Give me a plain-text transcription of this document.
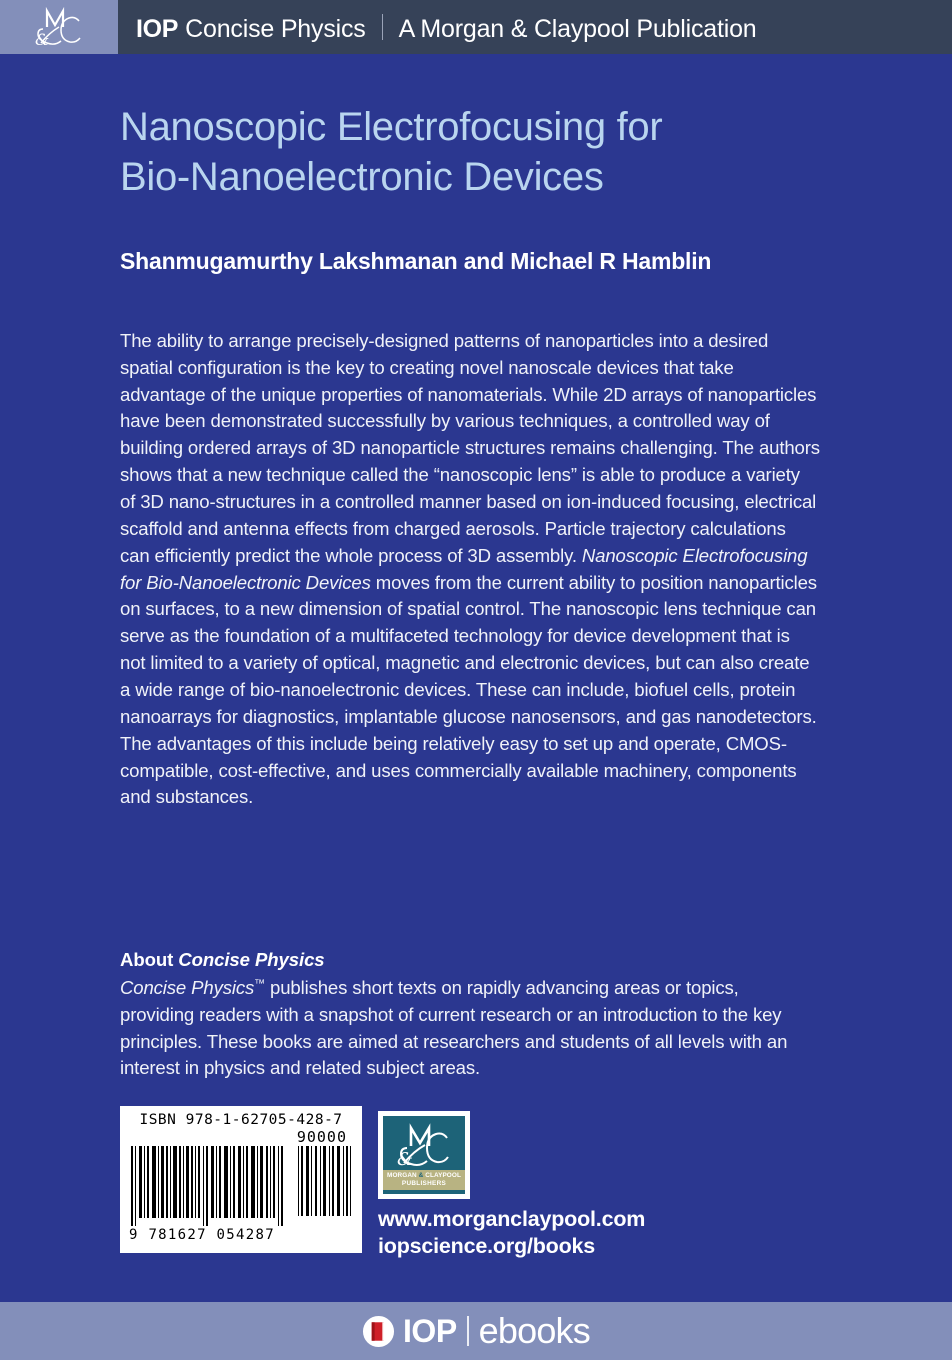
&	IOP Concise Physics A Morgan & Claypool Publication
Nanoscopic Electrofocusing for
Bio-Nanoelectronic Devices
Shanmugamurthy Lakshmanan and Michael R Hamblin
The ability to arrange precisely-designed patterns of nanoparticles into a desired spatial configuration is the key to creating novel nanoscale devices that take advantage of the unique properties of nanomaterials. While 2D arrays of nanoparticles have been demonstrated successfully by various techniques, a controlled way of building ordered arrays of 3D nanoparticle structures remains challenging. The authors shows that a new technique called the “nanoscopic lens” is able to produce a variety of 3D nano-structures in a controlled manner based on ion-induced focusing, electrical scaffold and antenna effects from charged aerosols. Particle trajectory calculations can efficiently predict the whole process of 3D assembly. Nanoscopic Electrofocusing for Bio-Nanoelectronic Devices moves from the current ability to position nanoparticles on surfaces, to a new dimension of spatial control. The nanoscopic lens technique can serve as the foundation of a multifaceted technology for device development that is not limited to a variety of optical, magnetic and electronic devices, but can also create a wide range of bio-nanoelectronic devices. These can include, biofuel cells, protein nanoarrays for diagnostics, implantable glucose nanosensors, and gas nanodetectors. The advantages of this include being relatively easy to set up and operate, CMOS-compatible, cost-effective, and uses commercially available machinery, components and substances.
About Concise Physics
Concise Physics™ publishes short texts on rapidly advancing areas or topics, providing readers with a snapshot of current research or an introduction to the key principles. These books are aimed at researchers and students of all levels with an interest in physics and related subject areas.
ISBN 978-1-62705-428-7
90000
9 781627 054287
&
MORGAN & CLAYPOOL
PUBLISHERS
www.morganclaypool.com
iopscience.org/books
IOP ebooks
